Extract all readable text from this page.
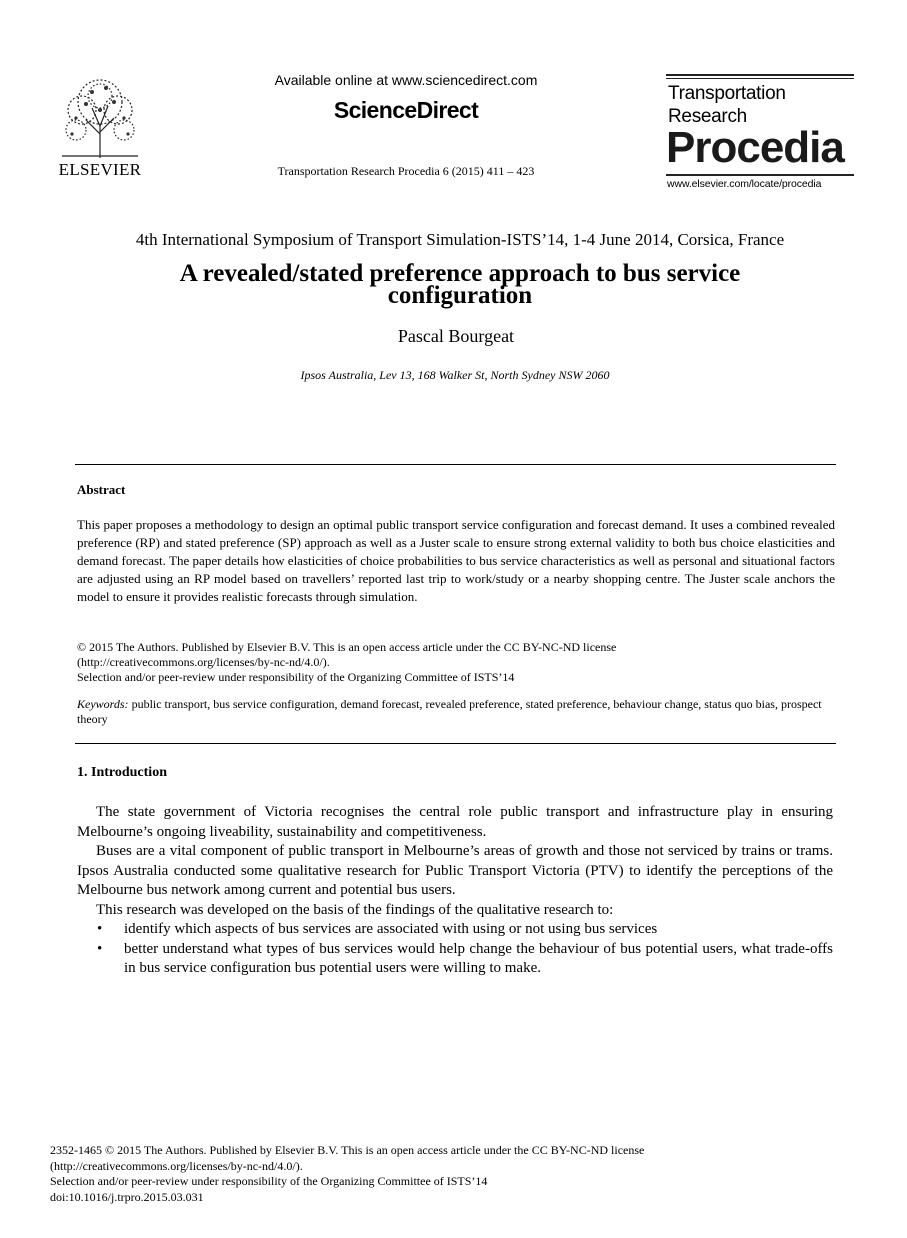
ELSEVIER
Available online at www.sciencedirect.com
ScienceDirect
Transportation Research Procedia 6 (2015) 411 – 423
Transportation
Research
Procedia
www.elsevier.com/locate/procedia
4th International Symposium of Transport Simulation-ISTS’14, 1-4 June 2014, Corsica, France
A revealed/stated preference approach to bus service
configuration
Pascal Bourgeat
Ipsos Australia, Lev 13, 168 Walker St, North Sydney NSW 2060
Abstract
This paper proposes a methodology to design an optimal public transport service configuration and forecast demand. It uses a combined revealed preference (RP) and stated preference (SP) approach as well as a Juster scale to ensure strong external validity to both bus choice elasticities and demand forecast. The paper details how elasticities of choice probabilities to bus service characteristics as well as personal and situational factors are adjusted using an RP model based on travellers’ reported last trip to work/study or a nearby shopping centre. The Juster scale anchors the model to ensure it provides realistic forecasts through simulation.
© 2015 The Authors. Published by Elsevier B.V. This is an open access article under the CC BY-NC-ND license
(http://creativecommons.org/licenses/by-nc-nd/4.0/).
Selection and/or peer-review under responsibility of the Organizing Committee of ISTS’14
Keywords: public transport, bus service configuration, demand forecast, revealed preference, stated preference, behaviour change, status quo bias, prospect theory
1. Introduction

The state government of Victoria recognises the central role public transport and infrastructure play in ensuring Melbourne’s ongoing liveability, sustainability and competitiveness.

Buses are a vital component of public transport in Melbourne’s areas of growth and those not serviced by trains or trams. Ipsos Australia conducted some qualitative research for Public Transport Victoria (PTV) to identify the perceptions of the Melbourne bus network among current and potential bus users.

This research was developed on the basis of the findings of the qualitative research to:

• identify which aspects of bus services are associated with using or not using bus services
• better understand what types of bus services would help change the behaviour of bus potential users, what trade-offs in bus service configuration bus potential users were willing to make.
2352-1465 © 2015 The Authors. Published by Elsevier B.V. This is an open access article under the CC BY-NC-ND license
(http://creativecommons.org/licenses/by-nc-nd/4.0/).
Selection and/or peer-review under responsibility of the Organizing Committee of ISTS’14
doi:10.1016/j.trpro.2015.03.031
